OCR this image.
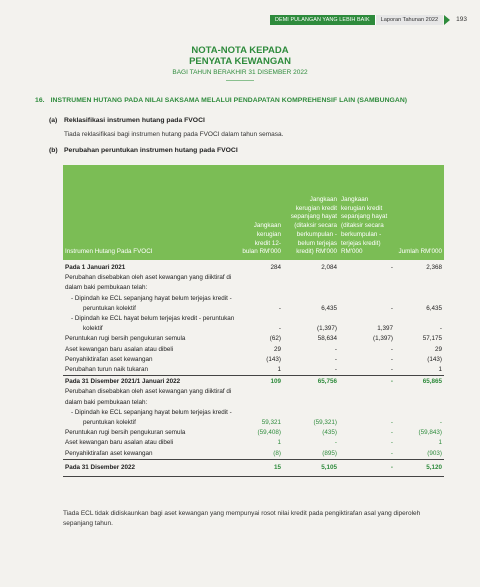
DEMI PULANGAN YANG LEBIH BAIK	Laporan Tahunan 2022	193
NOTA-NOTA KEPADA
PENYATA KEWANGAN
BAGI TAHUN BERAKHIR 31 DISEMBER 2022
16. INSTRUMEN HUTANG PADA NILAI SAKSAMA MELALUI PENDAPATAN KOMPREHENSIF LAIN (SAMBUNGAN)
(a) Reklasifikasi instrumen hutang pada FVOCI
Tiada reklasifikasi bagi instrumen hutang pada FVOCI dalam tahun semasa.
(b) Perubahan peruntukan instrumen hutang pada FVOCI
Instrumen Hutang Pada FVOCI	Jangkaan kerugian kredit 12-bulan RM'000	Jangkaan kerugian kredit sepanjang hayat (ditaksir secara berkumpulan - belum terjejas kredit) RM'000	Jangkaan kerugian kredit sepanjang hayat (ditaksir secara berkumpulan - terjejas kredit) RM'000	Jumlah RM'000

Pada 1 Januari 2021	284	2,084	-	2,368
Perubahan disebabkan oleh aset kewangan yang diiktiraf di dalam baki pembukaan telah:				
- Dipindah ke ECL sepanjang hayat belum terjejas kredit - peruntukan kolektif	-	6,435	-	6,435
- Dipindah ke ECL hayat belum terjejas kredit - peruntukan kolektif	-	(1,397)	1,397	-
Peruntukan rugi bersih pengukuran semula	(62)	58,634	(1,397)	57,175
Aset kewangan baru asalan atau dibeli	29	-	-	29
Penyahiktirafan aset kewangan	(143)	-	-	(143)
Perubahan turun naik tukaran	1	-	-	1
Pada 31 Disember 2021/1 Januari 2022	109	65,756	-	65,865
Perubahan disebabkan oleh aset kewangan yang diiktiraf di dalam baki pembukaan telah:				
- Dipindah ke ECL sepanjang hayat belum terjejas kredit - peruntukan kolektif	59,321	(59,321)	-	-
Peruntukan rugi bersih pengukuran semula	(59,408)	(435)	-	(59,843)
Aset kewangan baru asalan atau dibeli	1	-	-	1
Penyahiktirafan aset kewangan	(8)	(895)	-	(903)
Pada 31 Disember 2022	15	5,105	-	5,120
Tiada ECL tidak didiskaunkan bagi aset kewangan yang mempunyai rosot nilai kredit pada pengiktirafan asal yang diperoleh sepanjang tahun.
